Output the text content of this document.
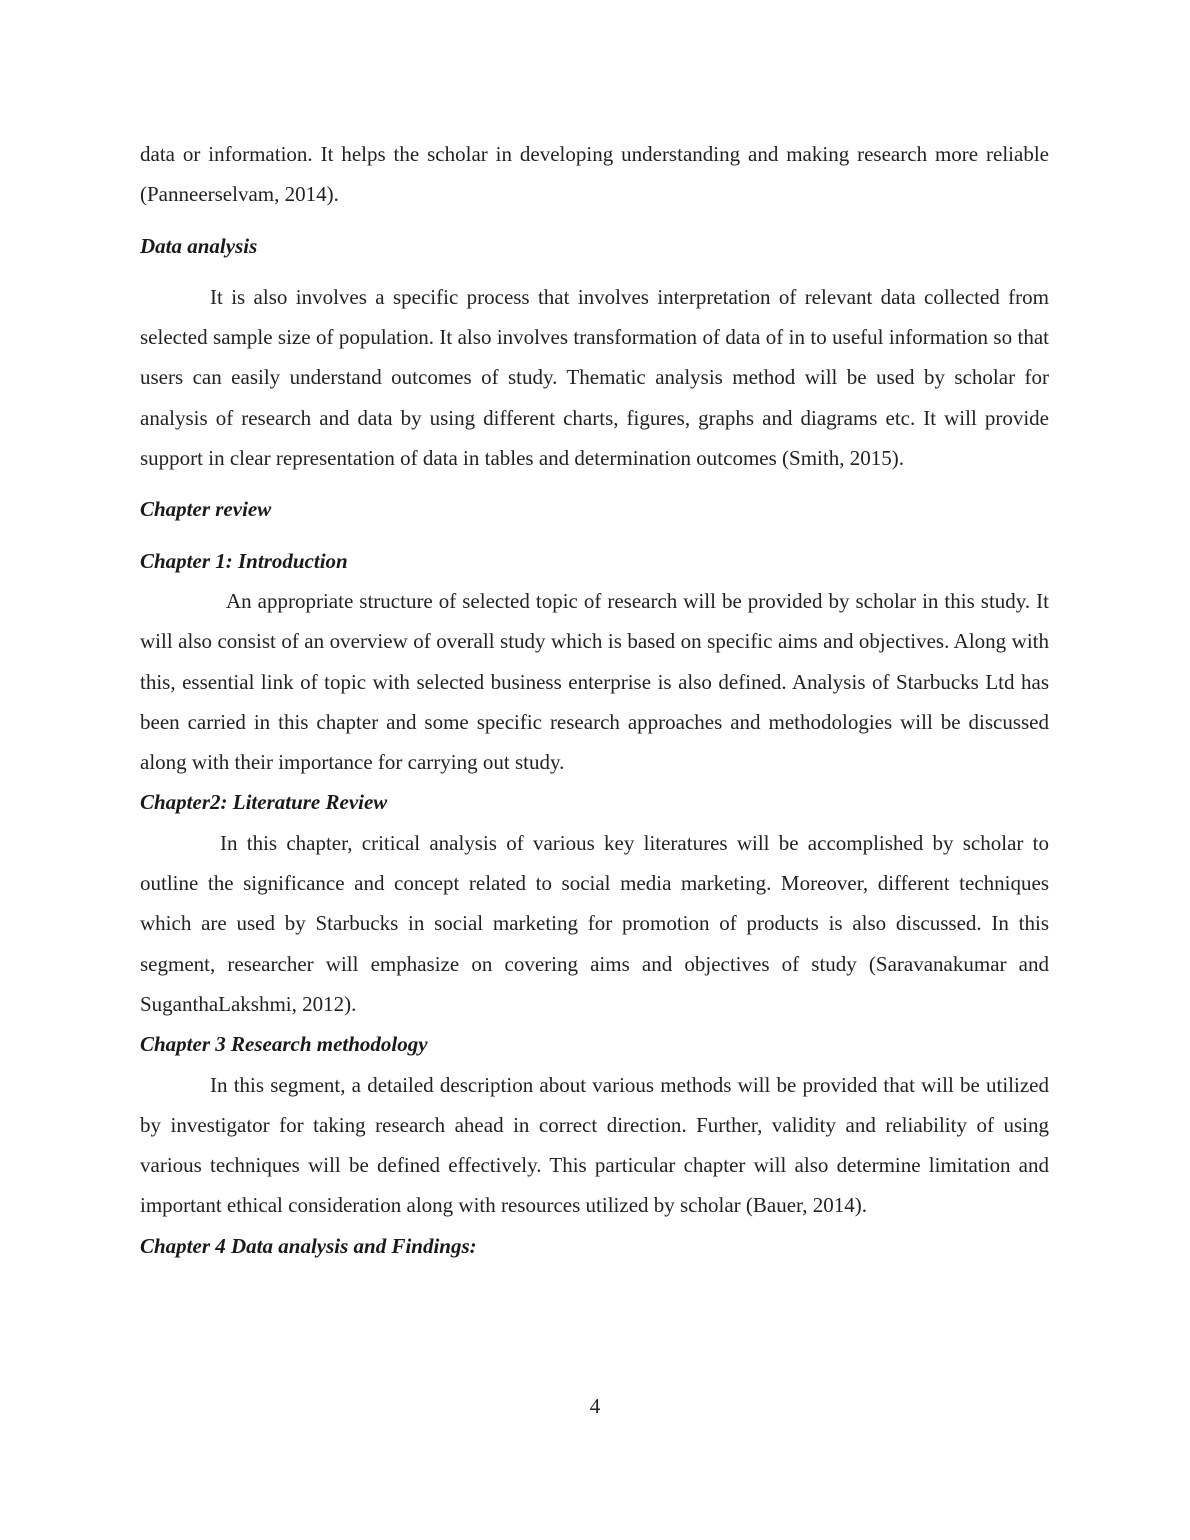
data or information. It helps the scholar in developing understanding and making research more reliable (Panneerselvam, 2014).

Data analysis

It is also involves a specific process that involves interpretation of relevant data collected from selected sample size of population. It also involves transformation of data of in to useful information so that users can easily understand outcomes of study. Thematic analysis method will be used by scholar for analysis of research and data by using different charts, figures, graphs and diagrams etc. It will provide support in clear representation of data in tables and determination outcomes (Smith, 2015).

Chapter review

Chapter 1: Introduction

An appropriate structure of selected topic of research will be provided by scholar in this study. It will also consist of an overview of overall study which is based on specific aims and objectives. Along with this, essential link of topic with selected business enterprise is also defined. Analysis of Starbucks Ltd has been carried in this chapter and some specific research approaches and methodologies will be discussed along with their importance for carrying out study.

Chapter2: Literature Review

In this chapter, critical analysis of various key literatures will be accomplished by scholar to outline the significance and concept related to social media marketing. Moreover, different techniques which are used by Starbucks in social marketing for promotion of products is also discussed. In this segment, researcher will emphasize on covering aims and objectives of study (Saravanakumar and SuganthaLakshmi, 2012).

Chapter 3 Research methodology

In this segment, a detailed description about various methods will be provided that will be utilized by investigator for taking research ahead in correct direction. Further, validity and reliability of using various techniques will be defined effectively. This particular chapter will also determine limitation and important ethical consideration along with resources utilized by scholar (Bauer, 2014).

Chapter 4 Data analysis and Findings:

4
